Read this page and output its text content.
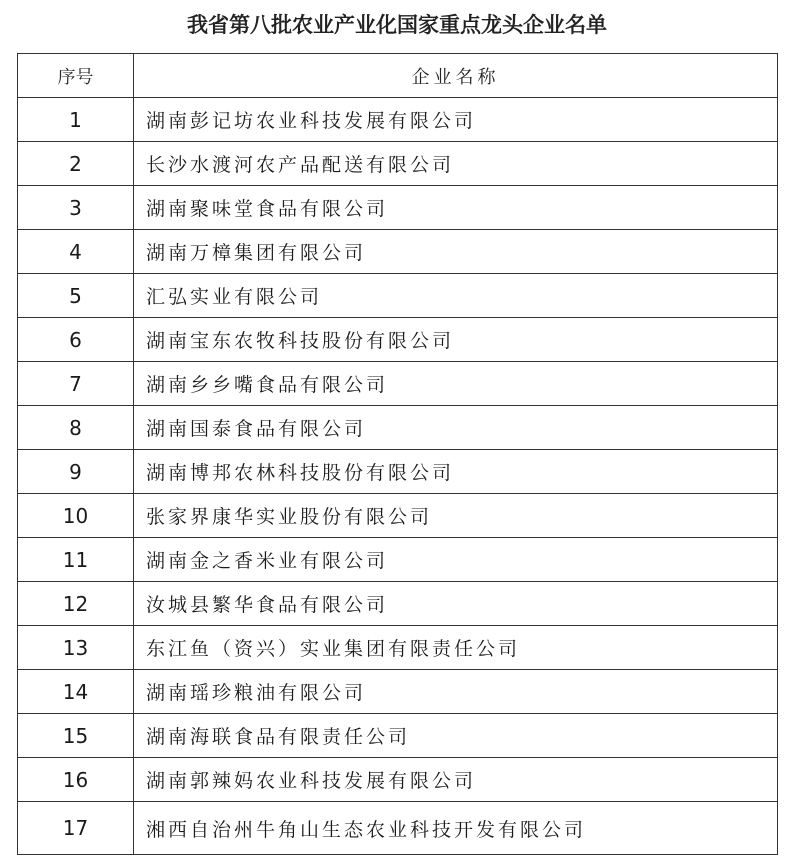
我省第八批农业产业化国家重点龙头企业名单
序号	企业名称
1	湖南彭记坊农业科技发展有限公司
2	长沙水渡河农产品配送有限公司
3	湖南聚味堂食品有限公司
4	湖南万樟集团有限公司
5	汇弘实业有限公司
6	湖南宝东农牧科技股份有限公司
7	湖南乡乡嘴食品有限公司
8	湖南国泰食品有限公司
9	湖南博邦农林科技股份有限公司
10	张家界康华实业股份有限公司
11	湖南金之香米业有限公司
12	汝城县繁华食品有限公司
13	东江鱼（资兴）实业集团有限责任公司
14	湖南瑶珍粮油有限公司
15	湖南海联食品有限责任公司
16	湖南郭辣妈农业科技发展有限公司
17	湘西自治州牛角山生态农业科技开发有限公司
